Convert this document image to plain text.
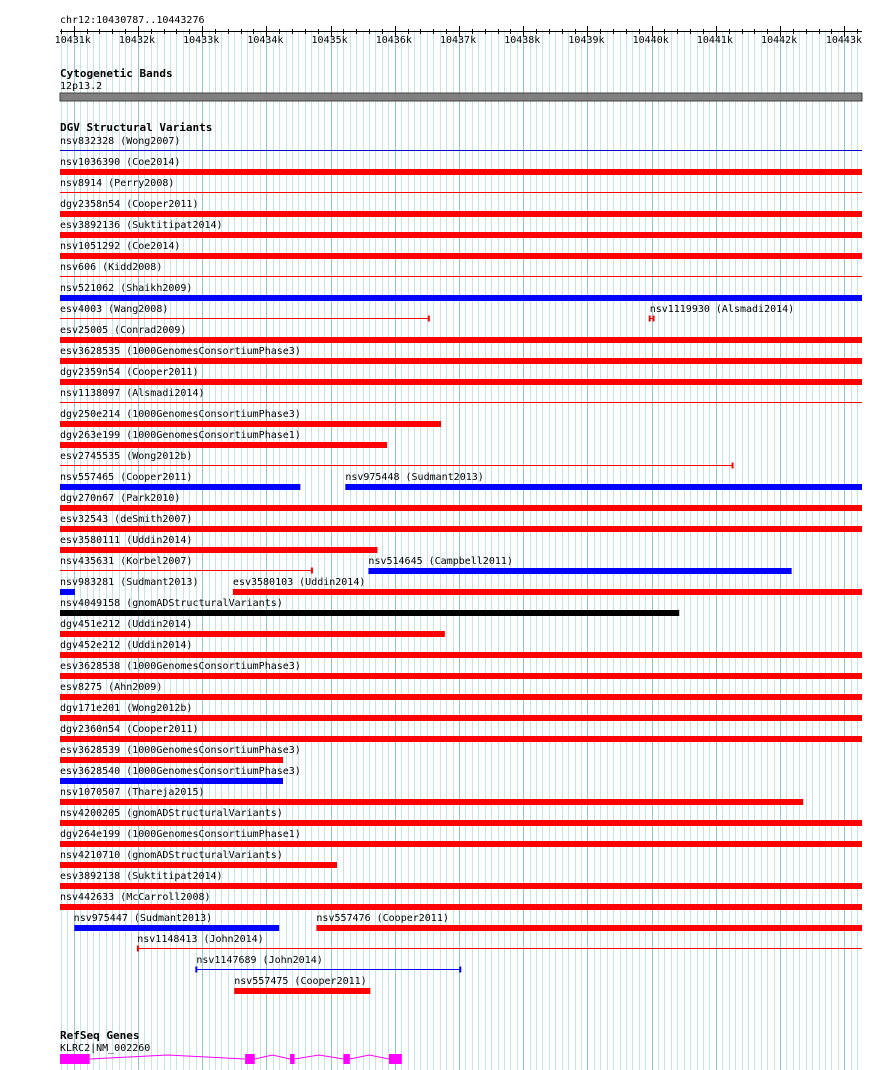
chr12:10430787..10443276
Cytogenetic Bands
12p13.2
DGV Structural Variants
RefSeq Genes
KLRC2|NM_002260
10431k	10432k	10433k	10434k	10435k	10436k	10437k	10438k	10439k	10440k	10441k	10442k	10443k
nsv832328 (Wong2007)
nsv1036390 (Coe2014)
nsv8914 (Perry2008)
dgv2358n54 (Cooper2011)
esv3892136 (Suktitipat2014)
nsv1051292 (Coe2014)
nsv606 (Kidd2008)
nsv521062 (Shaikh2009)
esv4003 (Wang2008)	nsv1119930 (Alsmadi2014)
esv25005 (Conrad2009)
esv3628535 (1000GenomesConsortiumPhase3)
dgv2359n54 (Cooper2011)
nsv1138097 (Alsmadi2014)
dgv250e214 (1000GenomesConsortiumPhase3)
dgv263e199 (1000GenomesConsortiumPhase1)
esv2745535 (Wong2012b)
nsv557465 (Cooper2011)	nsv975448 (Sudmant2013)
dgv270n67 (Park2010)
esv32543 (deSmith2007)
esv3580111 (Uddin2014)
nsv435631 (Korbel2007)	nsv514645 (Campbell2011)
nsv983281 (Sudmant2013)	esv3580103 (Uddin2014)
nsv4049158 (gnomADStructuralVariants)
dgv451e212 (Uddin2014)
dgv452e212 (Uddin2014)
esv3628538 (1000GenomesConsortiumPhase3)
esv8275 (Ahn2009)
dgv171e201 (Wong2012b)
dgv2360n54 (Cooper2011)
esv3628539 (1000GenomesConsortiumPhase3)
esv3628540 (1000GenomesConsortiumPhase3)
nsv1070507 (Thareja2015)
nsv4200205 (gnomADStructuralVariants)
dgv264e199 (1000GenomesConsortiumPhase1)
nsv4210710 (gnomADStructuralVariants)
esv3892138 (Suktitipat2014)
nsv442633 (McCarroll2008)
nsv975447 (Sudmant2013)	nsv557476 (Cooper2011)
nsv1148413 (John2014)
nsv1147689 (John2014)
nsv557475 (Cooper2011)
